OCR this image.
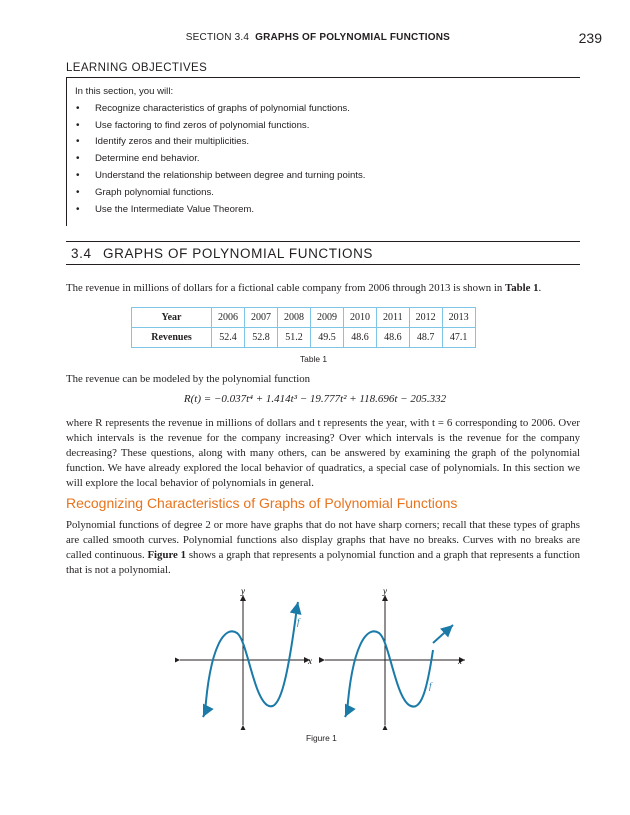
SECTION 3.4 GRAPHS OF POLYNOMIAL FUNCTIONS	239
LEARNING OBJECTIVES
In this section, you will:
• Recognize characteristics of graphs of polynomial functions.
• Use factoring to find zeros of polynomial functions.
• Identify zeros and their multiplicities.
• Determine end behavior.
• Understand the relationship between degree and turning points.
• Graph polynomial functions.
• Use the Intermediate Value Theorem.
3.4 GRAPHS OF POLYNOMIAL FUNCTIONS
The revenue in millions of dollars for a fictional cable company from 2006 through 2013 is shown in Table 1.
Year	2006	2007	2008	2009	2010	2011	2012	2013
Revenues	52.4	52.8	51.2	49.5	48.6	48.6	48.7	47.1
Table 1
The revenue can be modeled by the polynomial function
R(t) = −0.037t⁴ + 1.414t³ − 19.777t² + 118.696t − 205.332
where R represents the revenue in millions of dollars and t represents the year, with t = 6 corresponding to 2006. Over which intervals is the revenue for the company increasing? Over which intervals is the revenue for the company decreasing? These questions, along with many others, can be answered by examining the graph of the polynomial function. We have already explored the local behavior of quadratics, a special case of polynomials. In this section we will explore the local behavior of polynomials in general.
Recognizing Characteristics of Graphs of Polynomial Functions
Polynomial functions of degree 2 or more have graphs that do not have sharp corners; recall that these types of graphs are called smooth curves. Polynomial functions also display graphs that have no breaks. Curves with no breaks are called continuous. Figure 1 shows a graph that represents a polynomial function and a graph that represents a function that is not a polynomial.
y
x
f
y
x
f
Figure 1
